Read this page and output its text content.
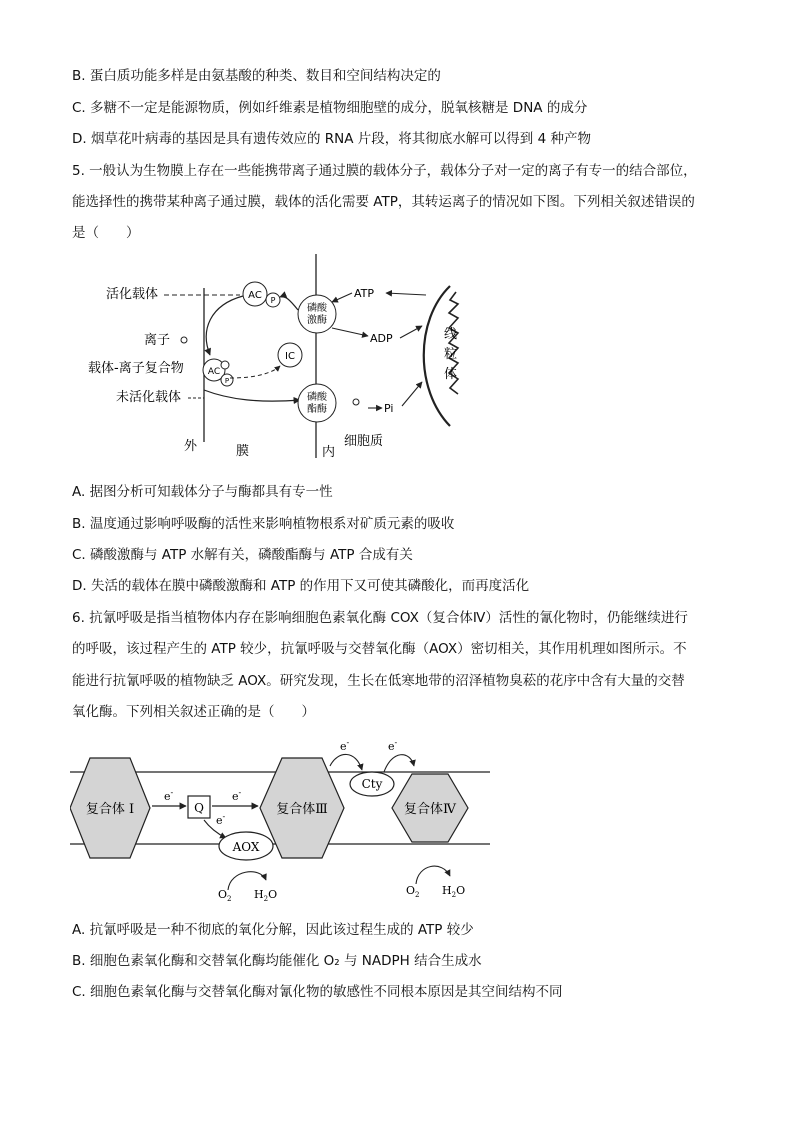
B. 蛋白质功能多样是由氨基酸的种类、数目和空间结构决定的
C. 多糖不一定是能源物质，例如纤维素是植物细胞壁的成分，脱氧核糖是 DNA 的成分
D. 烟草花叶病毒的基因是具有遗传效应的 RNA 片段，将其彻底水解可以得到 4 种产物
5. 一般认为生物膜上存在一些能携带离子通过膜的载体分子，载体分子对一定的离子有专一的结合部位，
能选择性的携带某种离子通过膜，载体的活化需要 ATP，其转运离子的情况如下图。下列相关叙述错误的
是（　　）
活化载体
离子
载体-离子复合物
未活化载体
AC P
AC
P
IC
磷酸
激酶
磷酸
酯酶
ATP
ADP
Pi
线
粒
体
外	膜	内
细胞质
A. 据图分析可知载体分子与酶都具有专一性
B. 温度通过影响呼吸酶的活性来影响植物根系对矿质元素的吸收
C. 磷酸激酶与 ATP 水解有关，磷酸酯酶与 ATP 合成有关
D. 失活的载体在膜中磷酸激酶和 ATP 的作用下又可使其磷酸化，而再度活化
6. 抗氰呼吸是指当植物体内存在影响细胞色素氧化酶 COX（复合体Ⅳ）活性的氰化物时，仍能继续进行
的呼吸，该过程产生的 ATP 较少，抗氰呼吸与交替氧化酶（AOX）密切相关，其作用机理如图所示。不
能进行抗氰呼吸的植物缺乏 AOX。研究发现，生长在低寒地带的沼泽植物臭菘的花序中含有大量的交替
氧化酶。下列相关叙述正确的是（　　）
复合体 I	复合体Ⅲ	复合体Ⅳ
Q
e-	e-
e-
AOX
$O_2$ $H_2O$
Cty
e-	e-
$O_2$ $H_2O$
A. 抗氰呼吸是一种不彻底的氧化分解，因此该过程生成的 ATP 较少
B. 细胞色素氧化酶和交替氧化酶均能催化 O₂ 与 NADPH 结合生成水
C. 细胞色素氧化酶与交替氧化酶对氰化物的敏感性不同根本原因是其空间结构不同
